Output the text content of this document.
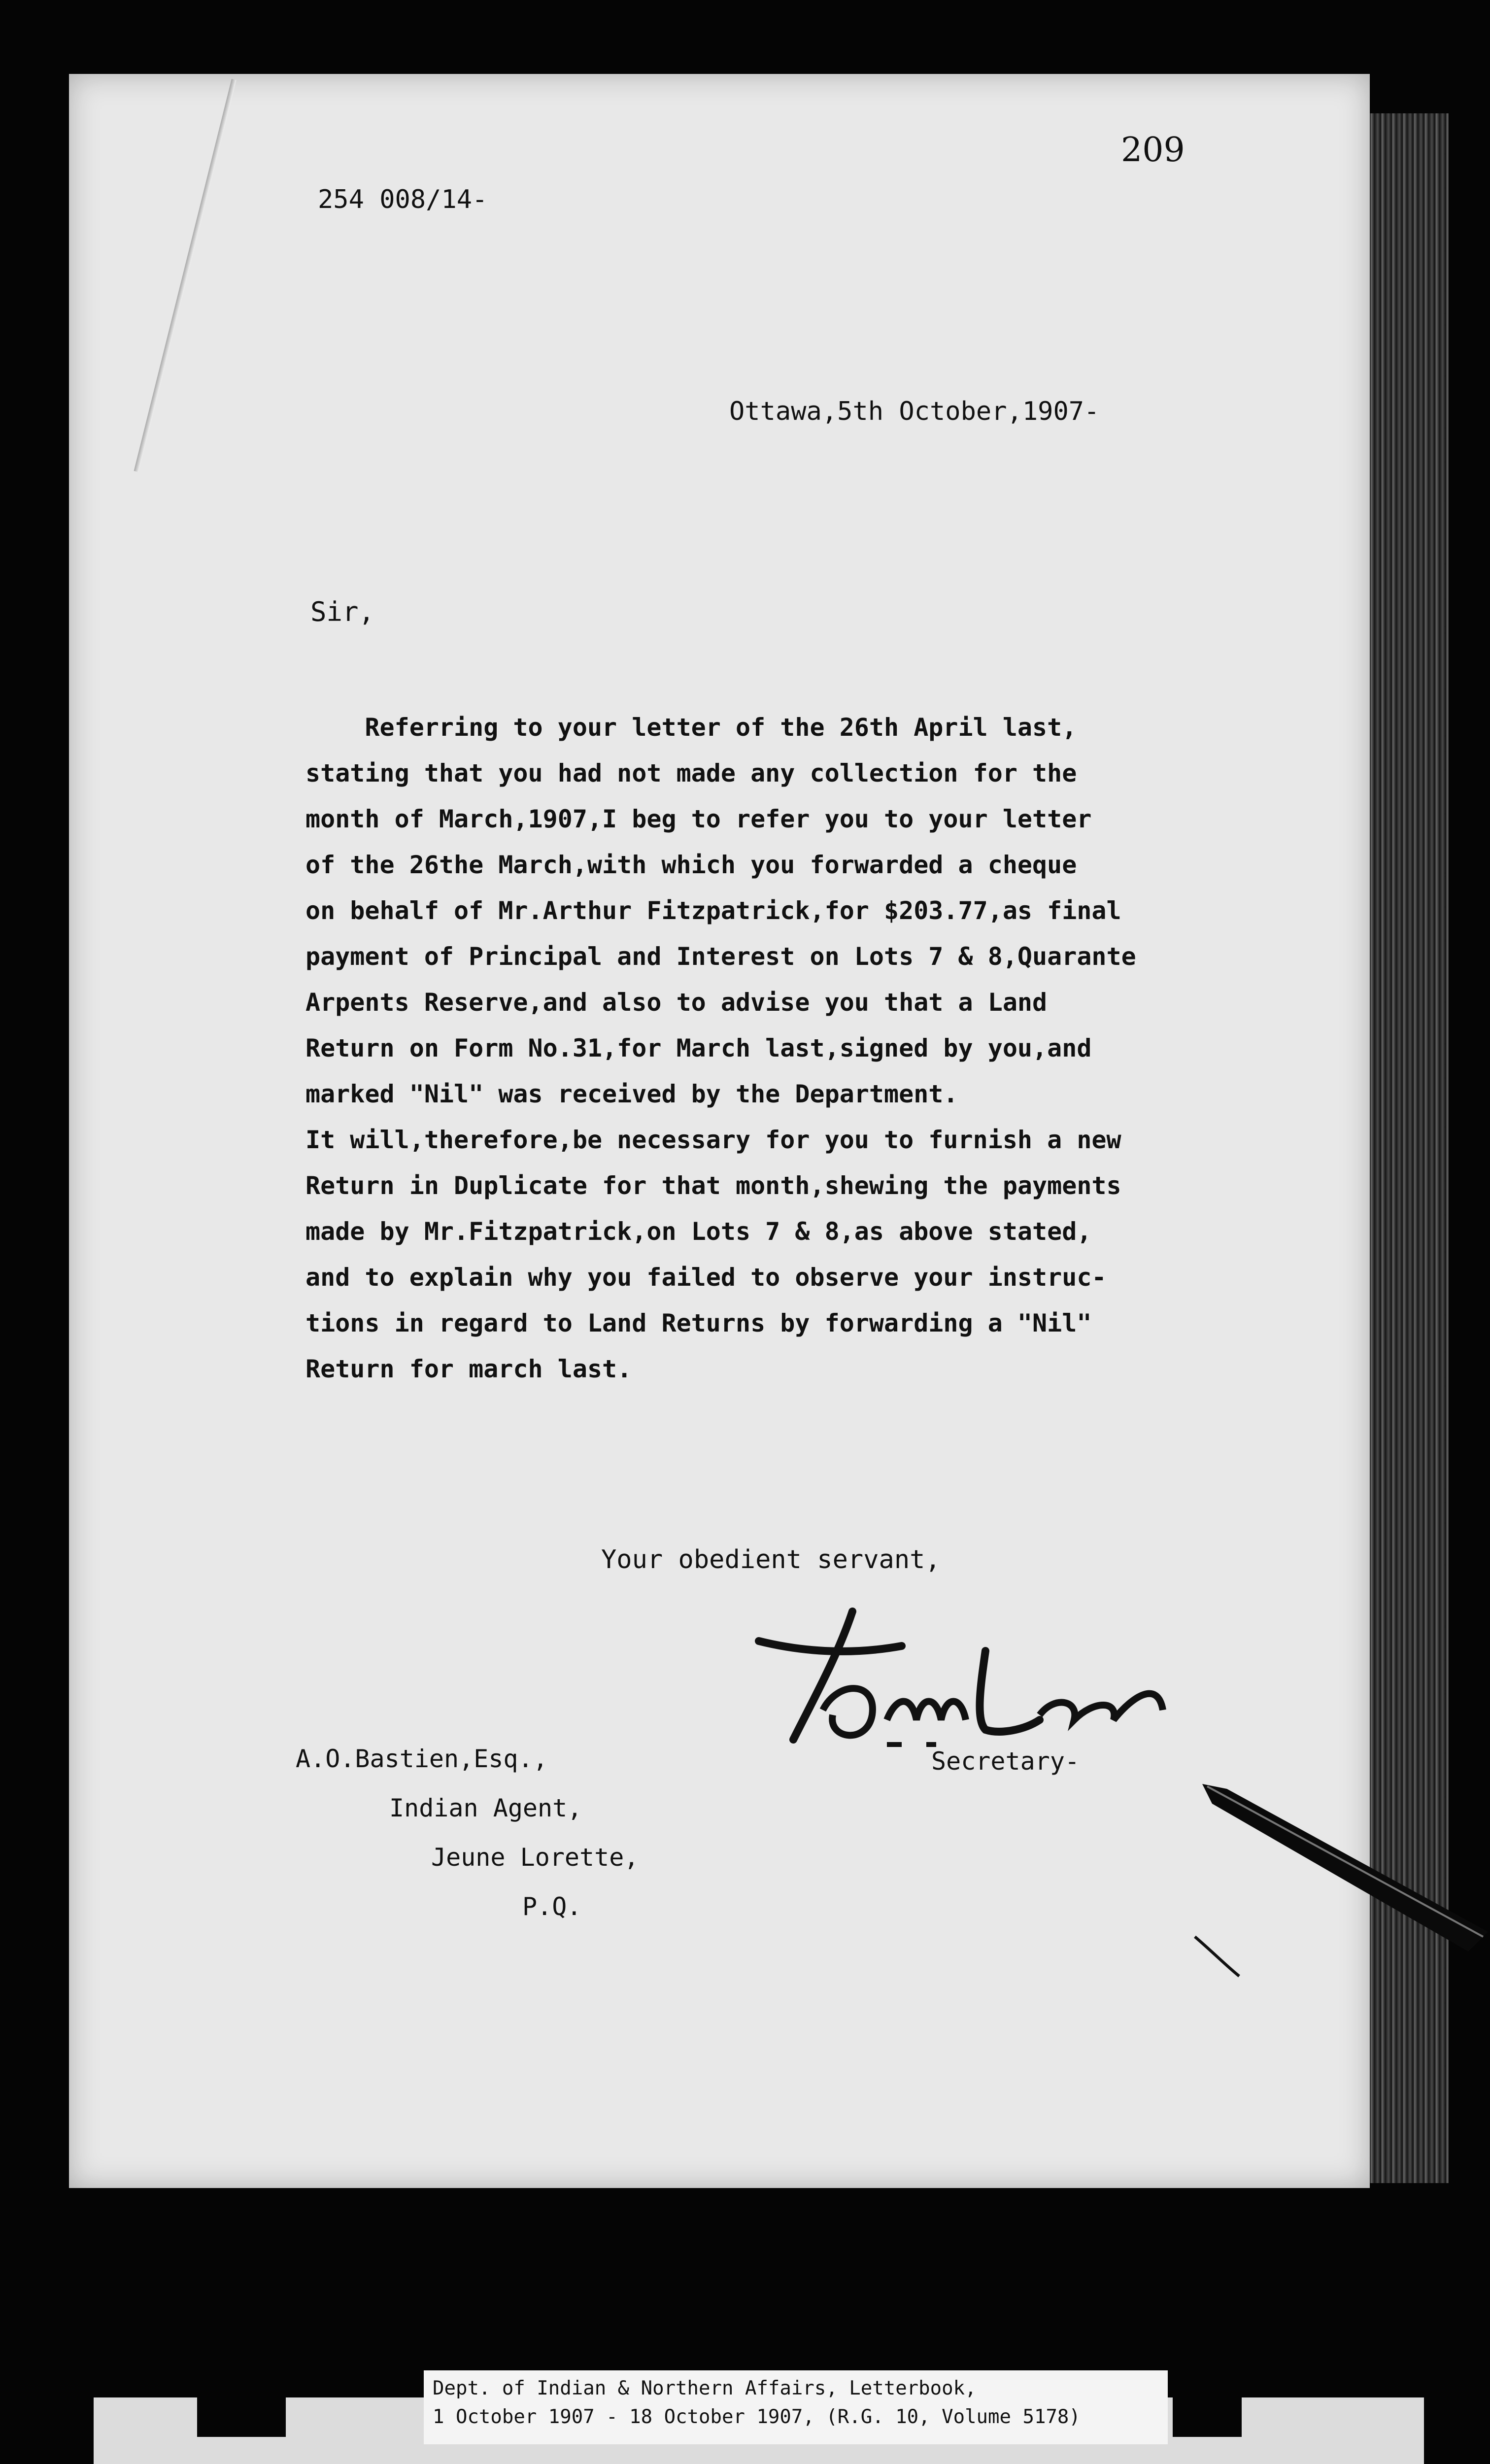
209
254 008/14-
Ottawa,5th October,1907-
Sir,
Referring to your letter of the 26th April last,
stating that you had not made any collection for the
month of March,1907,I beg to refer you to your letter
of the 26the March,with which you forwarded a cheque
on behalf of Mr.Arthur Fitzpatrick,for $203.77,as final
payment of Principal and Interest on Lots 7 & 8,Quarante
Arpents Reserve,and also to advise you that a Land
Return on Form No.31,for March last,signed by you,and
marked "Nil" was received by the Department.
It will,therefore,be necessary for you to furnish a new
Return in Duplicate for that month,shewing the payments
made by Mr.Fitzpatrick,on Lots 7 & 8,as above stated,
and to explain why you failed to observe your instruc-
tions in regard to Land Returns by forwarding a "Nil"
Return for march last.
Your obedient servant,
Secretary-
A.O.Bastien,Esq.,
Indian Agent,
Jeune Lorette,
P.Q.
Dept. of Indian & Northern Affairs, Letterbook,
1 October 1907 - 18 October 1907, (R.G. 10, Volume 5178)
